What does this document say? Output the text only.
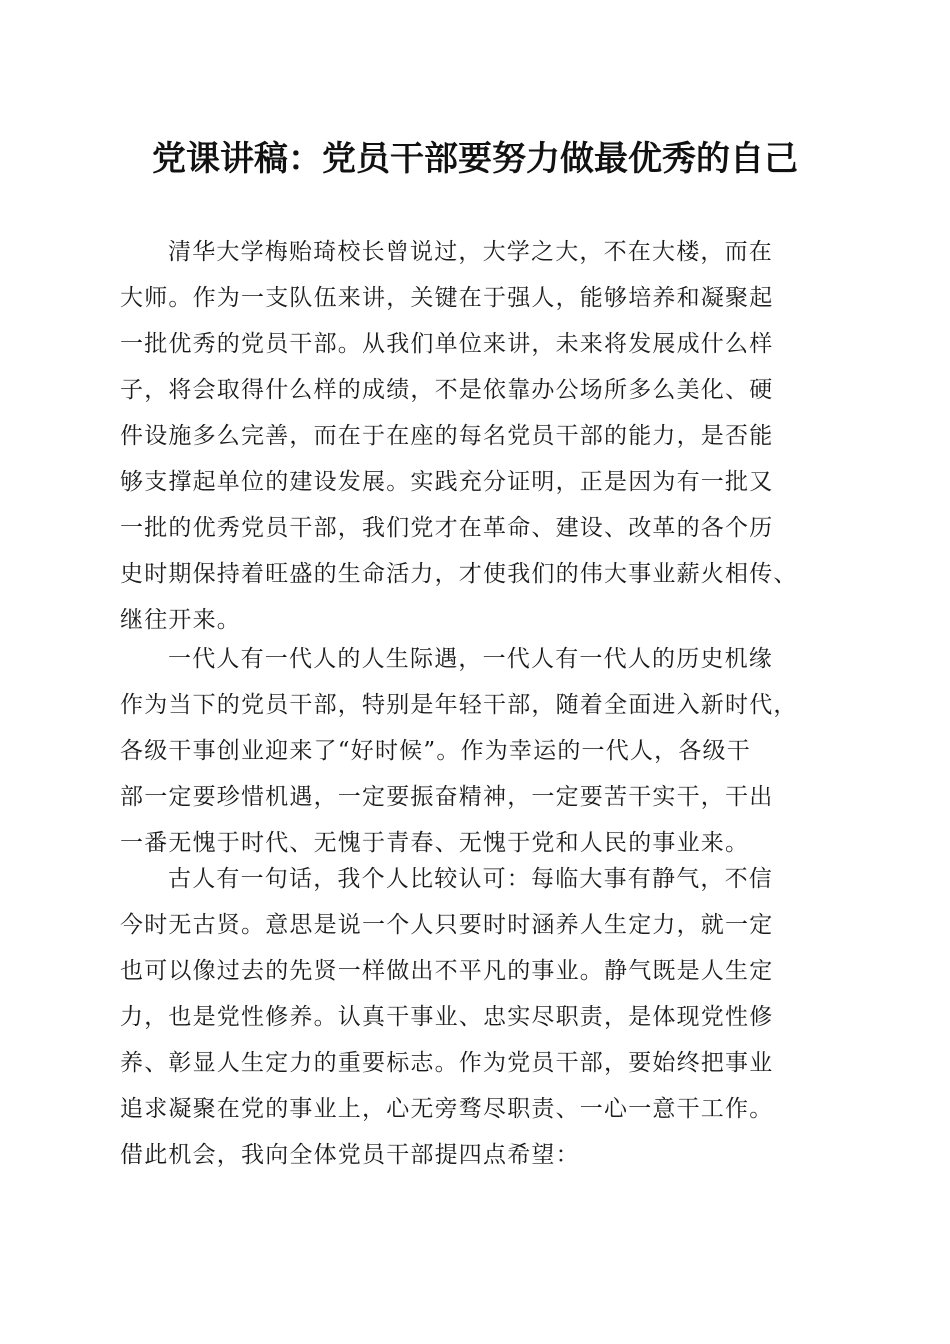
党课讲稿：党员干部要努力做最优秀的自己
清华大学梅贻琦校长曾说过，大学之大，不在大楼，而在
大师。作为一支队伍来讲，关键在于强人，能够培养和凝聚起
一批优秀的党员干部。从我们单位来讲，未来将发展成什么样
子，将会取得什么样的成绩，不是依靠办公场所多么美化、硬
件设施多么完善，而在于在座的每名党员干部的能力，是否能
够支撑起单位的建设发展。实践充分证明，正是因为有一批又
一批的优秀党员干部，我们党才在革命、建设、改革的各个历
史时期保持着旺盛的生命活力，才使我们的伟大事业薪火相传、
继往开来。
一代人有一代人的人生际遇，一代人有一代人的历史机缘
作为当下的党员干部，特别是年轻干部，随着全面进入新时代，
各级干事创业迎来了“好时候”。作为幸运的一代人，各级干
部一定要珍惜机遇，一定要振奋精神，一定要苦干实干，干出
一番无愧于时代、无愧于青春、无愧于党和人民的事业来。
古人有一句话，我个人比较认可：每临大事有静气，不信
今时无古贤。意思是说一个人只要时时涵养人生定力，就一定
也可以像过去的先贤一样做出不平凡的事业。静气既是人生定
力，也是党性修养。认真干事业、忠实尽职责，是体现党性修
养、彰显人生定力的重要标志。作为党员干部，要始终把事业
追求凝聚在党的事业上，心无旁骛尽职责、一心一意干工作。
借此机会，我向全体党员干部提四点希望：
